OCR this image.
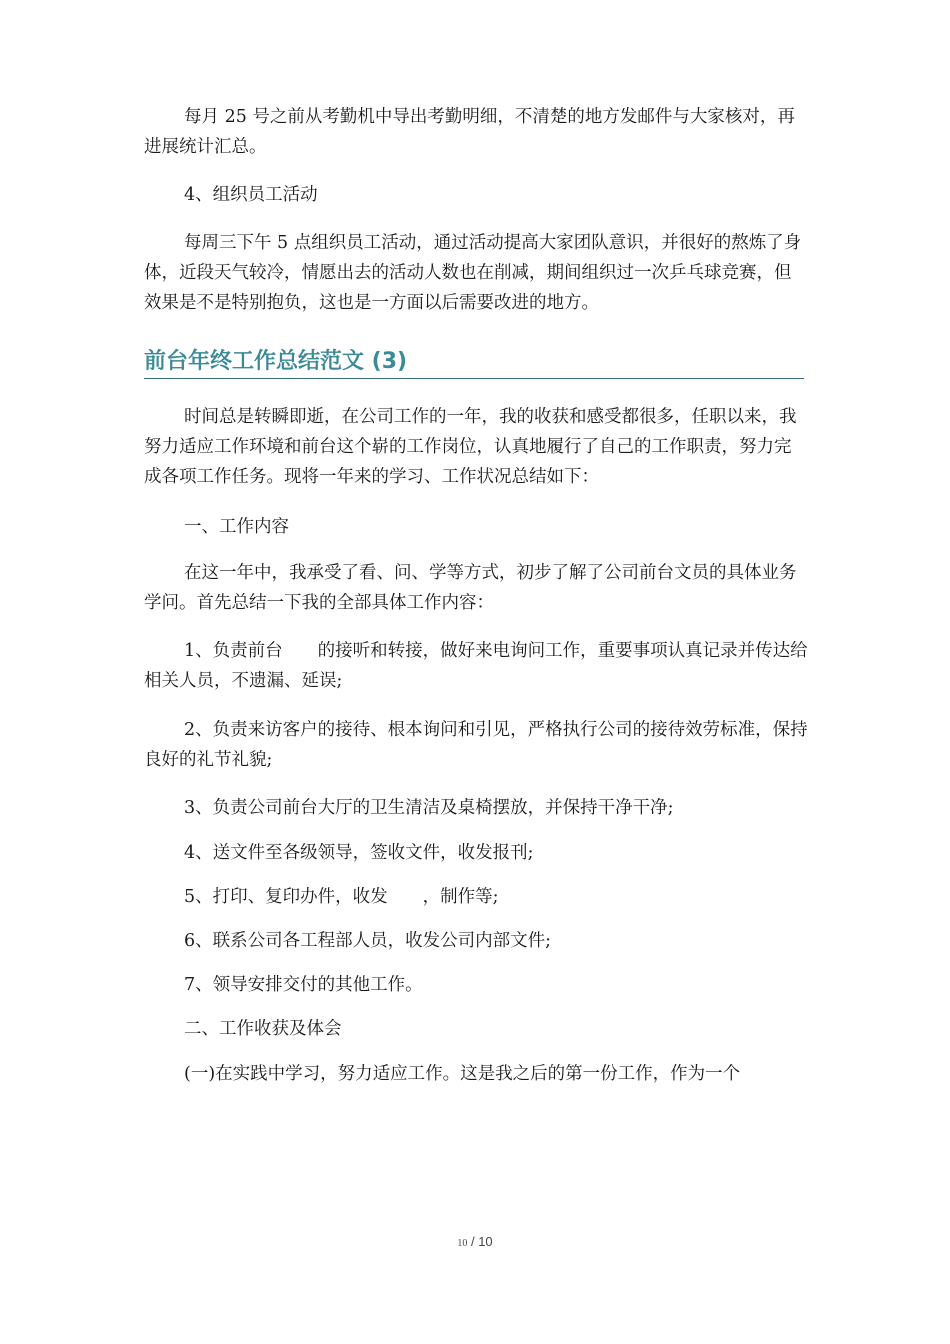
每月 25 号之前从考勤机中导出考勤明细，不清楚的地方发邮件与大家核对，再进展统计汇总。

4、组织员工活动

每周三下午 5 点组织员工活动，通过活动提高大家团队意识，并很好的熬炼了身体，近段天气较冷，情愿出去的活动人数也在削减，期间组织过一次乒乓球竞赛，但效果是不是特别抱负，这也是一方面以后需要改进的地方。

前台年终工作总结范文 (3)

时间总是转瞬即逝，在公司工作的一年，我的收获和感受都很多，任职以来，我努力适应工作环境和前台这个崭的工作岗位，认真地履行了自己的工作职责，努力完成各项工作任务。现将一年来的学习、工作状况总结如下：

一、工作内容

在这一年中，我承受了看、问、学等方式，初步了解了公司前台文员的具体业务学问。首先总结一下我的全部具体工作内容：

1、负责前台　　的接听和转接，做好来电询问工作，重要事项认真记录并传达给相关人员，不遗漏、延误;

2、负责来访客户的接待、根本询问和引见，严格执行公司的接待效劳标准，保持良好的礼节礼貌;

3、负责公司前台大厅的卫生清洁及桌椅摆放，并保持干净干净;

4、送文件至各级领导，签收文件，收发报刊;

5、打印、复印办件，收发　　，制作等;

6、联系公司各工程部人员，收发公司内部文件;

7、领导安排交付的其他工作。

二、工作收获及体会

(一)在实践中学习，努力适应工作。这是我之后的第一份工作，作为一个

10 / 10
